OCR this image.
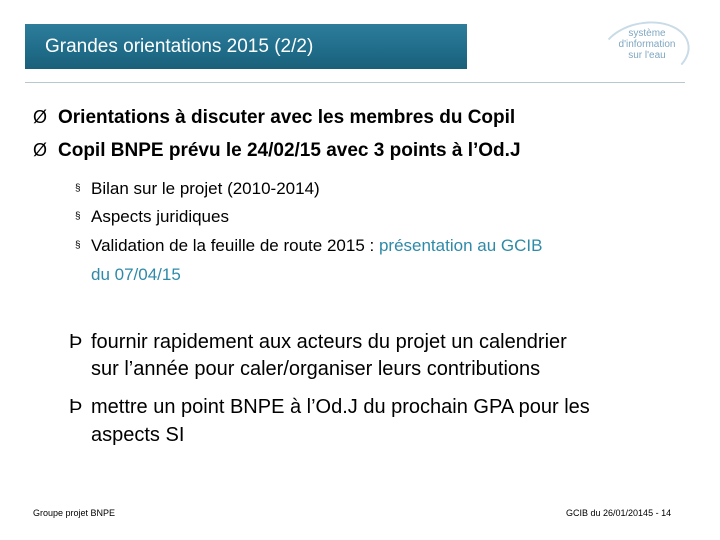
Grandes orientations 2015 (2/2)
système
d'information
sur l'eau
Ø Orientations à discuter avec les membres du Copil
Ø Copil BNPE prévu le 24/02/15 avec 3 points à l’Od.J
§ Bilan sur le projet (2010-2014)
§ Aspects juridiques
§ Validation de la feuille de route 2015 : présentation au GCIB
du 07/04/15
Þ fournir rapidement aux acteurs du projet un calendrier
sur l’année pour caler/organiser leurs contributions
Þ mettre un point BNPE à l’Od.J du prochain GPA pour les
aspects SI
Groupe projet BNPE	GCIB du 26/01/20145 - 14
